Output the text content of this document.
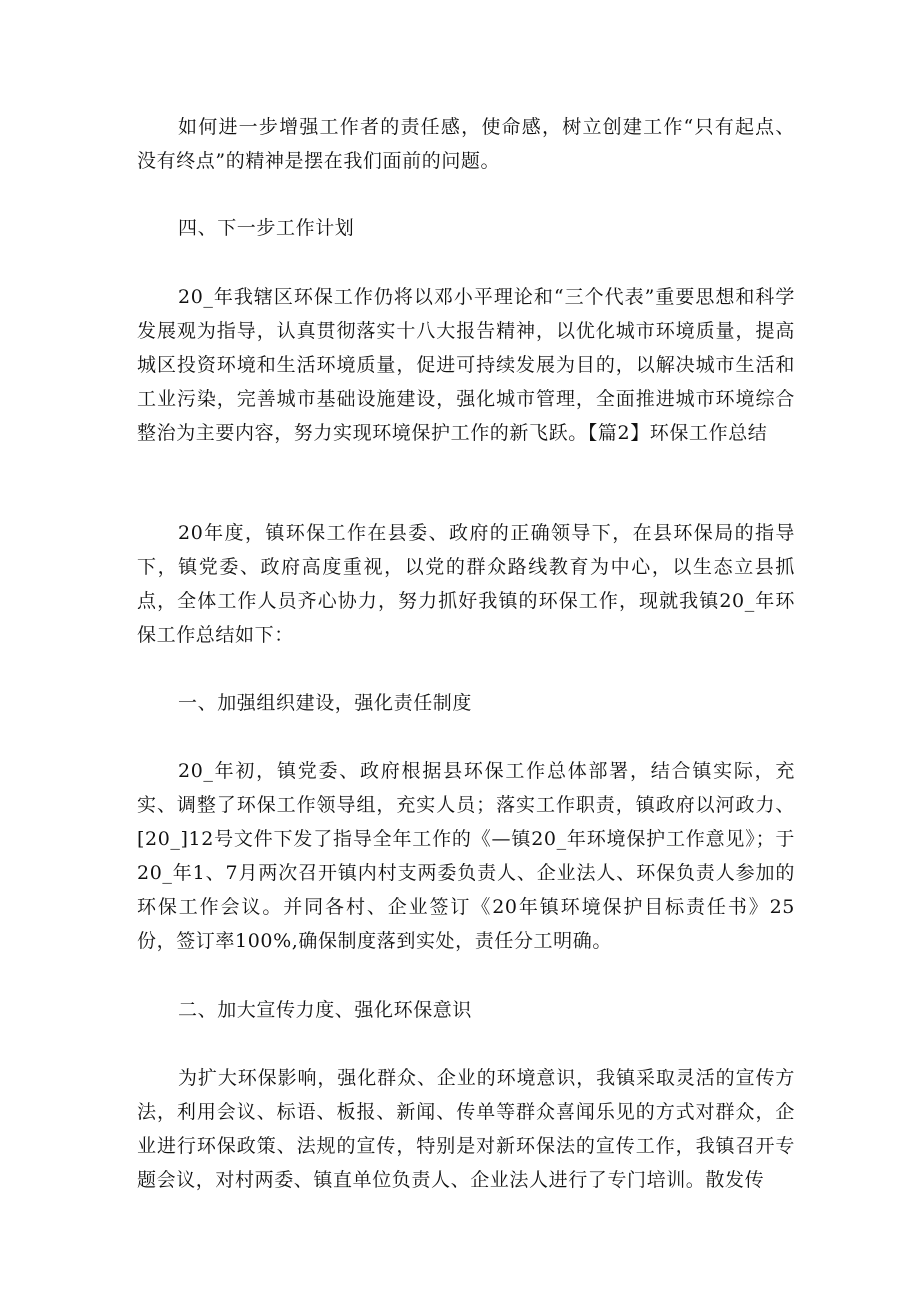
如何进一步增强工作者的责任感，使命感，树立创建工作“只有起点、没有终点”的精神是摆在我们面前的问题。

四、下一步工作计划

20_年我辖区环保工作仍将以邓小平理论和“三个代表”重要思想和科学发展观为指导，认真贯彻落实十八大报告精神，以优化城市环境质量，提高城区投资环境和生活环境质量，促进可持续发展为目的，以解决城市生活和工业污染，完善城市基础设施建设，强化城市管理，全面推进城市环境综合整治为主要内容，努力实现环境保护工作的新飞跃。【篇2】环保工作总结

20年度，镇环保工作在县委、政府的正确领导下，在县环保局的指导下，镇党委、政府高度重视，以党的群众路线教育为中心，以生态立县抓点，全体工作人员齐心协力，努力抓好我镇的环保工作，现就我镇20_年环保工作总结如下：

一、加强组织建设，强化责任制度

20_年初，镇党委、政府根据县环保工作总体部署，结合镇实际，充实、调整了环保工作领导组，充实人员；落实工作职责，镇政府以河政力、[20_]12号文件下发了指导全年工作的《—镇20_年环境保护工作意见》；于20_年1、7月两次召开镇内村支两委负责人、企业法人、环保负责人参加的环保工作会议。并同各村、企业签订《20年镇环境保护目标责任书》25份，签订率100%,确保制度落到实处，责任分工明确。

二、加大宣传力度、强化环保意识

为扩大环保影响，强化群众、企业的环境意识，我镇采取灵活的宣传方法，利用会议、标语、板报、新闻、传单等群众喜闻乐见的方式对群众，企业进行环保政策、法规的宣传，特别是对新环保法的宣传工作，我镇召开专题会议，对村两委、镇直单位负责人、企业法人进行了专门培训。散发传
